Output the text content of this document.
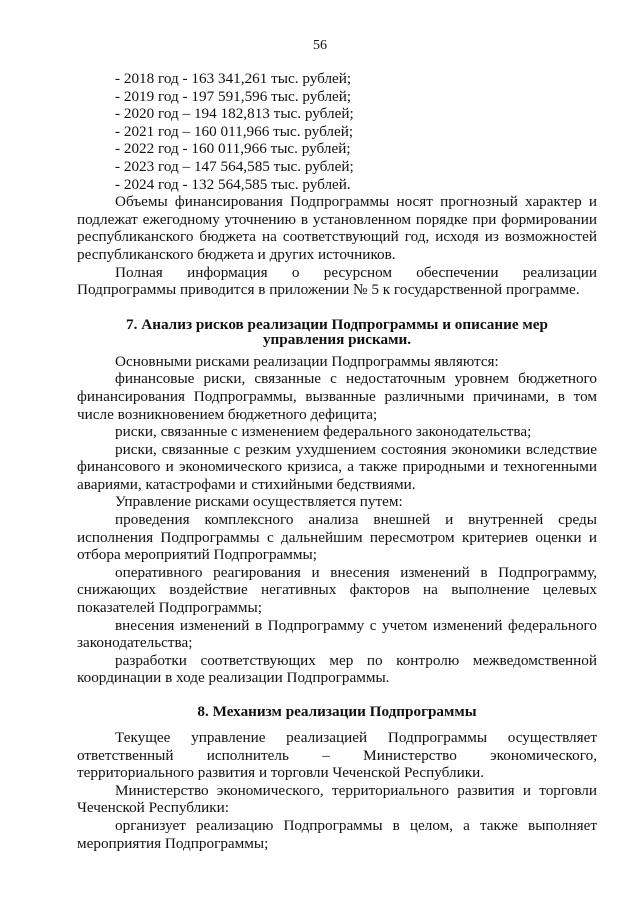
56

- 2018 год - 163 341,261 тыс. рублей;

- 2019 год - 197 591,596 тыс. рублей;

- 2020 год – 194 182,813 тыс. рублей;

- 2021 год – 160 011,966 тыс. рублей;

- 2022 год - 160 011,966 тыс. рублей;

- 2023 год – 147 564,585 тыс. рублей;

- 2024 год - 132 564,585 тыс. рублей.

Объемы финансирования Подпрограммы носят прогнозный характер и подлежат ежегодному уточнению в установленном порядке при формировании республиканского бюджета на соответствующий год, исходя из возможностей республиканского бюджета и других источников.

Полная информация о ресурсном обеспечении реализации Подпрограммы приводится в приложении № 5 к государственной программе.

7. Анализ рисков реализации Подпрограммы и описание мер управления рисками.

Основными рисками реализации Подпрограммы являются:

финансовые риски, связанные с недостаточным уровнем бюджетного финансирования Подпрограммы, вызванные различными причинами, в том числе возникновением бюджетного дефицита;

риски, связанные с изменением федерального законодательства;

риски, связанные с резким ухудшением состояния экономики вследствие финансового и экономического кризиса, а также природными и техногенными авариями, катастрофами и стихийными бедствиями.

Управление рисками осуществляется путем:

проведения комплексного анализа внешней и внутренней среды исполнения Подпрограммы с дальнейшим пересмотром критериев оценки и отбора мероприятий Подпрограммы;

оперативного реагирования и внесения изменений в Подпрограмму, снижающих воздействие негативных факторов на выполнение целевых показателей Подпрограммы;

внесения изменений в Подпрограмму с учетом изменений федерального законодательства;

разработки соответствующих мер по контролю межведомственной координации в ходе реализации Подпрограммы.

8. Механизм реализации Подпрограммы

Текущее управление реализацией Подпрограммы осуществляет ответственный исполнитель – Министерство экономического, территориального развития и торговли Чеченской Республики.

Министерство экономического, территориального развития и торговли Чеченской Республики:

организует реализацию Подпрограммы в целом, а также выполняет мероприятия Подпрограммы;
